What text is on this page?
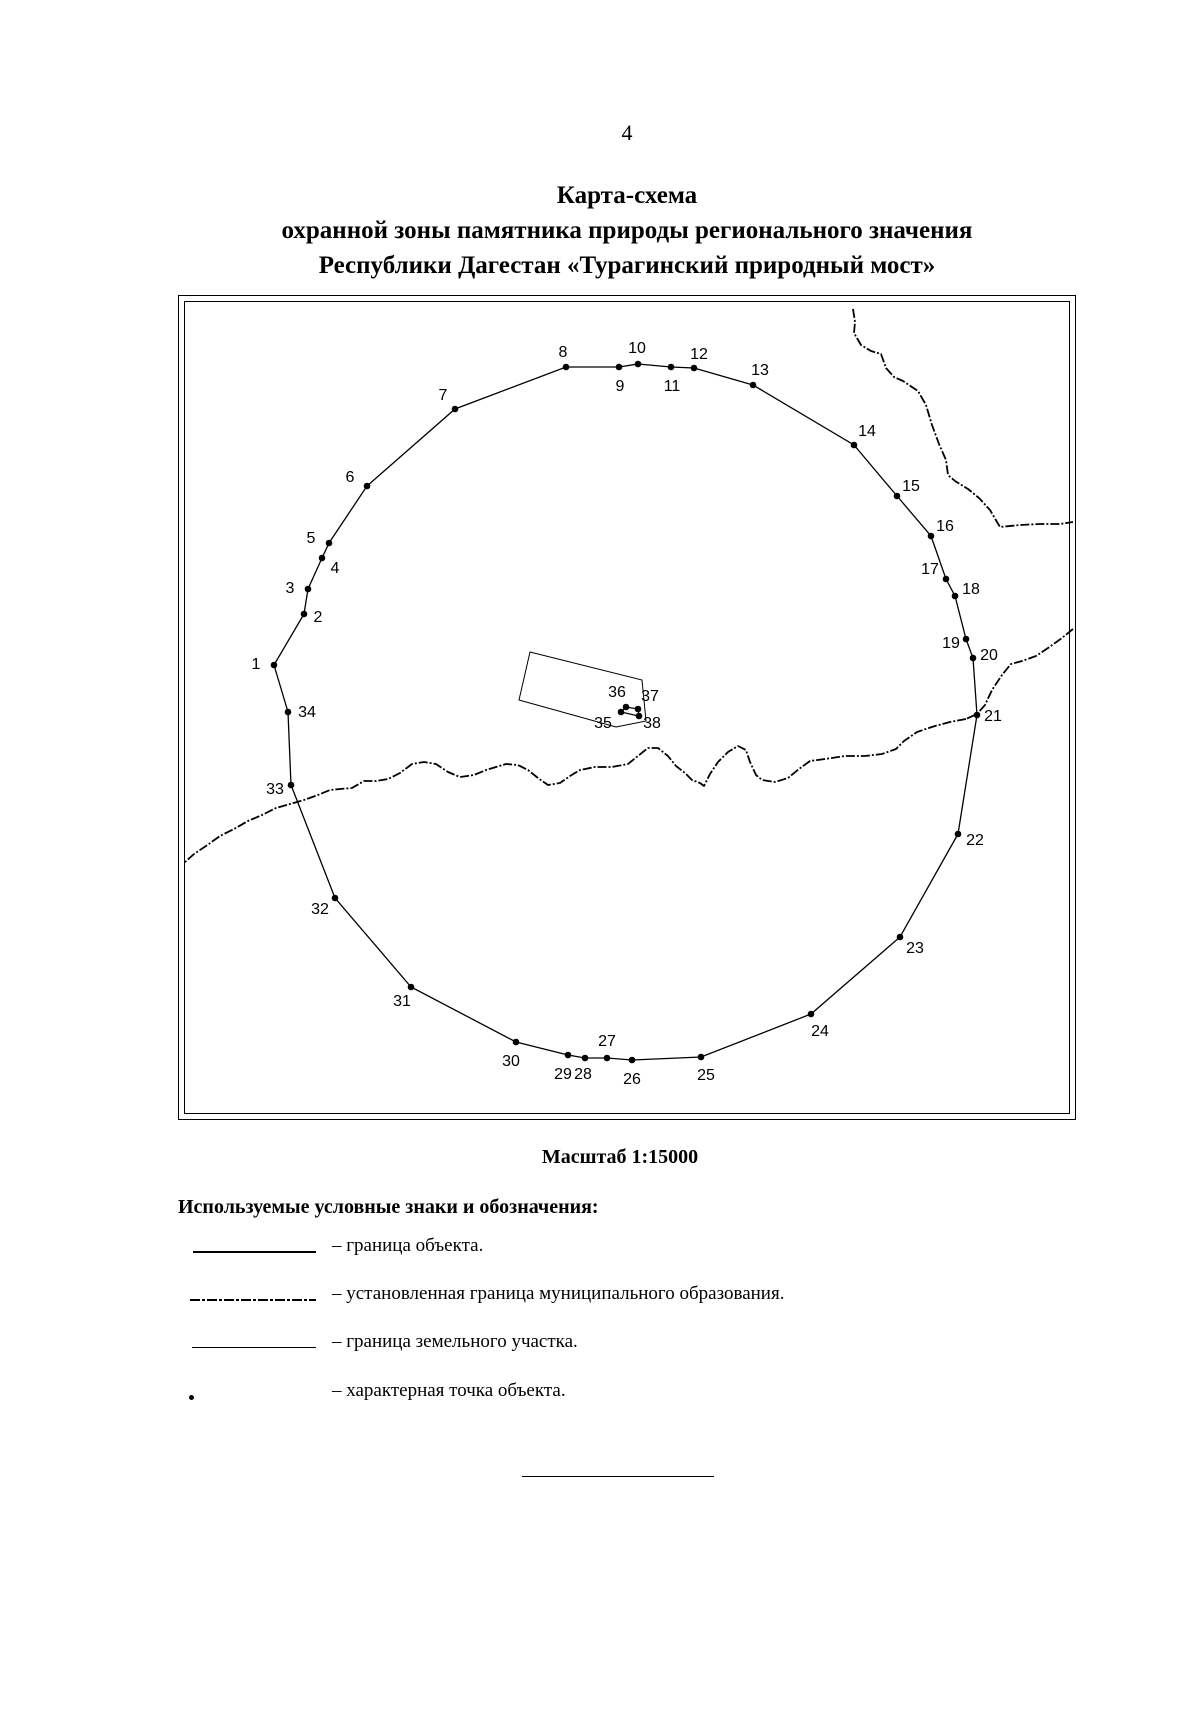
4
Карта-схема
охранной зоны памятника природы регионального значения
Республики Дагестан «Турагинский природный мост»
1
2
3
4
5
6
7
8
9
10
11
12
13
14
15
16
17
18
19
20
21
22
23
24
25
26
27
28
29
30
31
32
33
34
35
36 37
38
Масштаб 1:15000
Используемые условные знаки и обозначения:
– граница объекта.
– установленная граница муниципального образования.
– граница земельного участка.
– характерная точка объекта.
